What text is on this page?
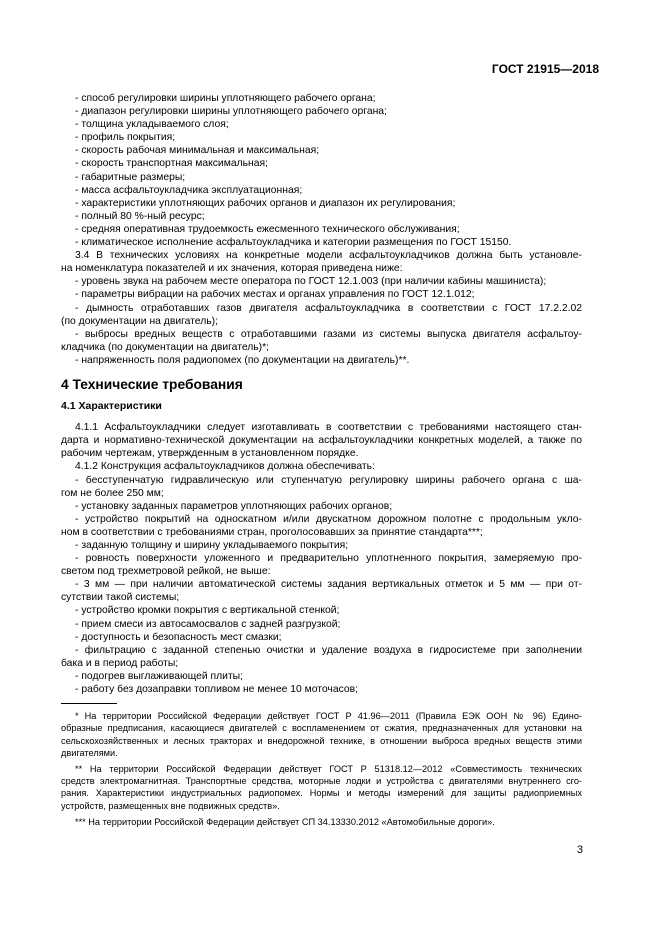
ГОСТ 21915—2018
- способ регулировки ширины уплотняющего рабочего органа;
- диапазон регулировки ширины уплотняющего рабочего органа;
- толщина укладываемого слоя;
- профиль покрытия;
- скорость рабочая минимальная и максимальная;
- скорость транспортная максимальная;
- габаритные размеры;
- масса асфальтоукладчика эксплуатационная;
- характеристики уплотняющих рабочих органов и диапазон их регулирования;
- полный 80 %-ный ресурс;
- средняя оперативная трудоемкость ежесменного технического обслуживания;
- климатическое исполнение асфальтоукладчика и категории размещения по ГОСТ 15150.
3.4 В технических условиях на конкретные модели асфальтоукладчиков должна быть установле-
на номенклатура показателей и их значения, которая приведена ниже:
- уровень звука на рабочем месте оператора по ГОСТ 12.1.003 (при наличии кабины машиниста);
- параметры вибрации на рабочих местах и органах управления по ГОСТ 12.1.012;
- дымность отработавших газов двигателя асфальтоукладчика в соответствии с ГОСТ 17.2.2.02
(по документации на двигатель);
- выбросы вредных веществ с отработавшими газами из системы выпуска двигателя асфальтоу-
кладчика (по документации на двигатель)*;
- напряженность поля радиопомех (по документации на двигатель)**.
4 Технические требования
4.1 Характеристики
4.1.1 Асфальтоукладчики следует изготавливать в соответствии с требованиями настоящего стан-
дарта и нормативно-технической документации на асфальтоукладчики конкретных моделей, а также по
рабочим чертежам, утвержденным в установленном порядке.
4.1.2 Конструкция асфальтоукладчиков должна обеспечивать:
- бесступенчатую гидравлическую или ступенчатую регулировку ширины рабочего органа с ша-
гом не более 250 мм;
- установку заданных параметров уплотняющих рабочих органов;
- устройство покрытий на односкатном и/или двускатном дорожном полотне с продольным укло-
ном в соответствии с требованиями стран, проголосовавших за принятие стандарта***;
- заданную толщину и ширину укладываемого покрытия;
- ровность поверхности уложенного и предварительно уплотненного покрытия, замеряемую про-
светом под трехметровой рейкой, не выше:
- 3 мм — при наличии автоматической системы задания вертикальных отметок и 5 мм — при от-
сутствии такой системы;
- устройство кромки покрытия с вертикальной стенкой;
- прием смеси из автосамосвалов с задней разгрузкой;
- доступность и безопасность мест смазки;
- фильтрацию с заданной степенью очистки и удаление воздуха в гидросистеме при заполнении
бака и в период работы;
- подогрев выглаживающей плиты;
- работу без дозаправки топливом не менее 10 моточасов;
* На территории Российской Федерации действует ГОСТ Р 41.96—2011 (Правила ЕЭК ООН № 96) Едино-
образные предписания, касающиеся двигателей с воспламенением от сжатия, предназначенных для установки на
сельскохозяйственных и лесных тракторах и внедорожной технике, в отношении выброса вредных веществ этими
двигателями.
** На территории Российской Федерации действует ГОСТ Р 51318.12—2012 «Совместимость технических
средств электромагнитная. Транспортные средства, моторные лодки и устройства с двигателями внутреннего сго-
рания. Характеристики индустриальных радиопомех. Нормы и методы измерений для защиты радиоприемных
устройств, размещенных вне подвижных средств».
*** На территории Российской Федерации действует СП 34.13330.2012 «Автомобильные дороги».
3
